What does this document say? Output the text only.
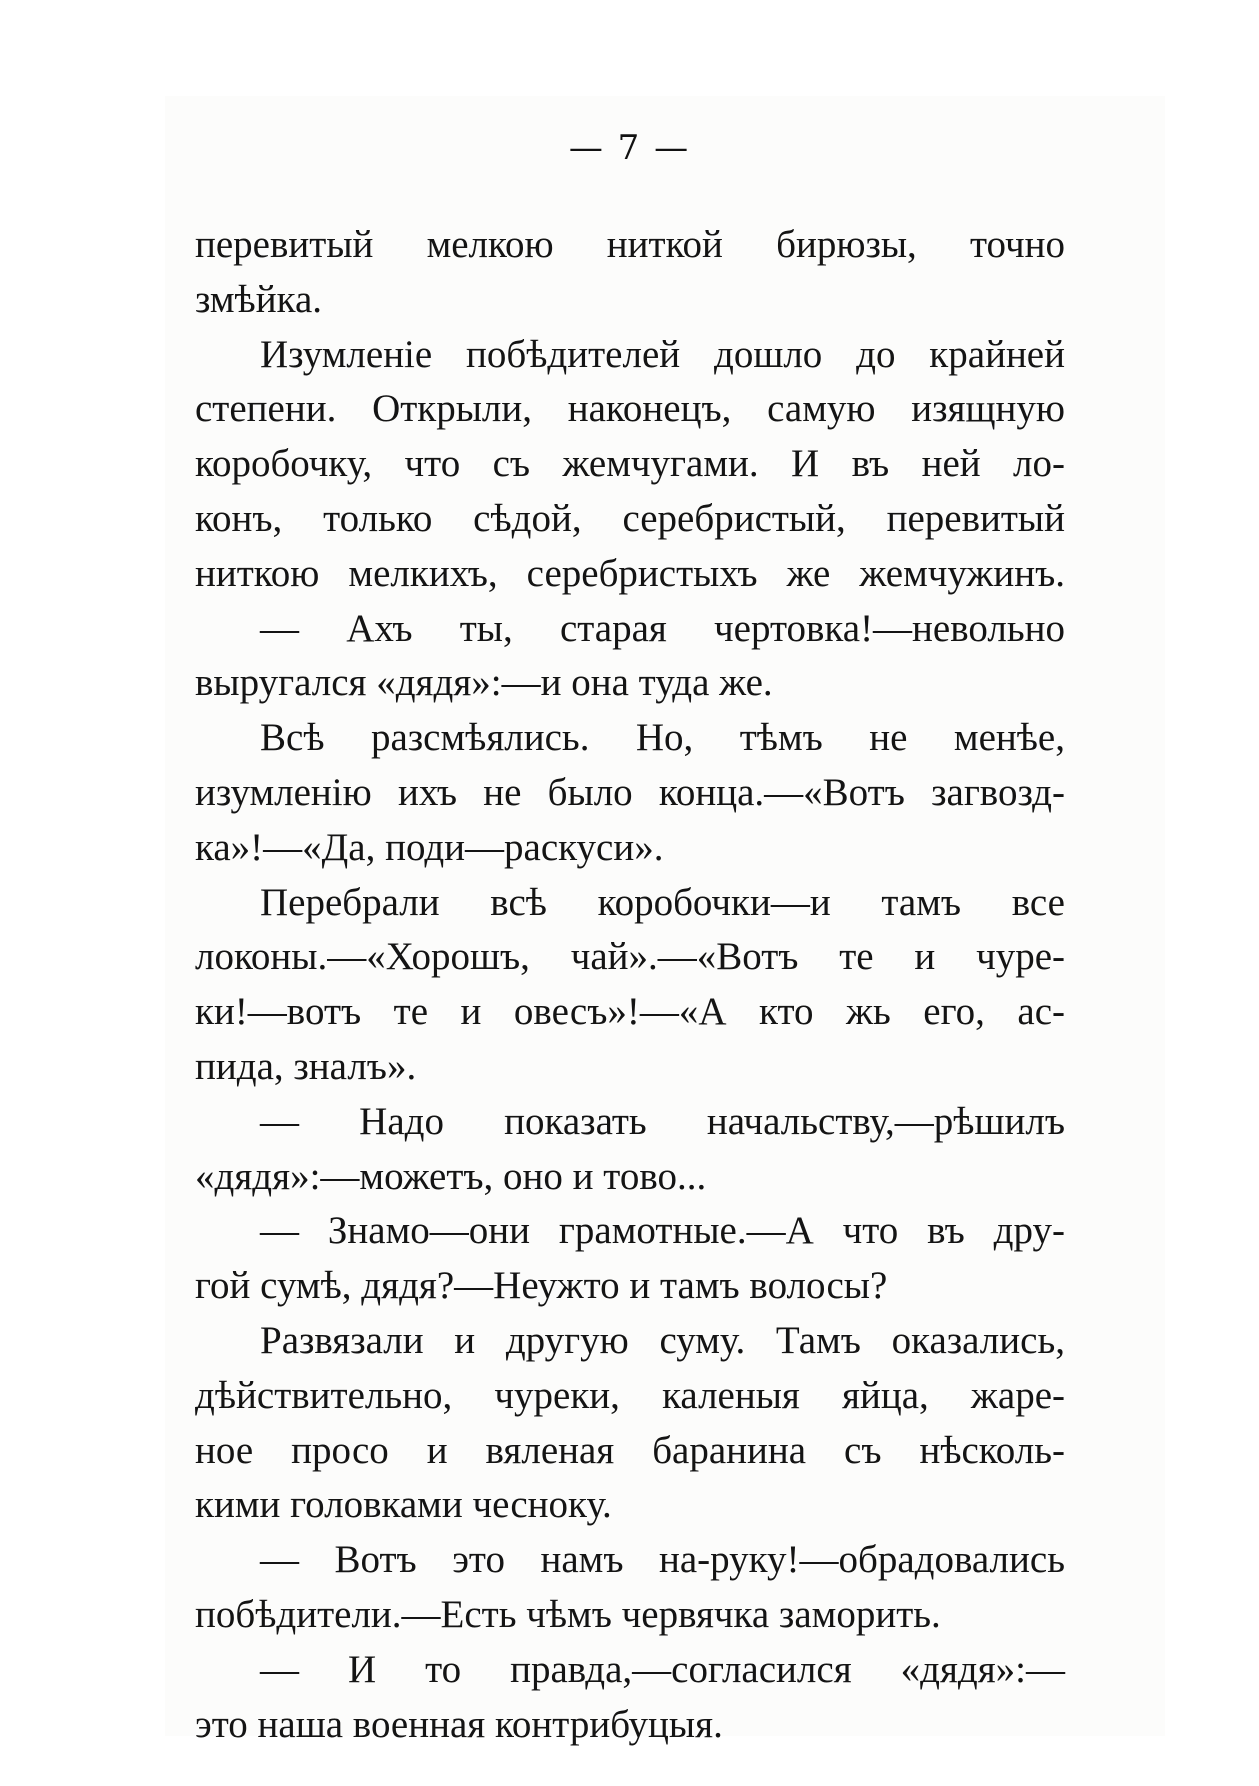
— 7 —
перевитый мелкою ниткой бирюзы, точно
змѣйка.
Изумленіе побѣдителей дошло до крайней
степени. Открыли, наконецъ, самую изящную
коробочку, что съ жемчугами. И въ ней ло-
конъ, только сѣдой, серебристый, перевитый
ниткою мелкихъ, серебристыхъ же жемчужинъ.
— Ахъ ты, старая чертовка!—невольно
выругался «дядя»:—и она туда же.
Всѣ разсмѣялись. Но, тѣмъ не менѣе,
изумленію ихъ не было конца.—«Вотъ загвозд-
ка»!—«Да, поди—раскуси».
Перебрали всѣ коробочки—и тамъ все
локоны.—«Хорошъ, чай».—«Вотъ те и чуре-
ки!—вотъ те и овесъ»!—«А кто жь его, ас-
пида, зналъ».
— Надо показать начальству,—рѣшилъ
«дядя»:—можетъ, оно и тово...
— Знамо—они грамотные.—А что въ дру-
гой сумѣ, дядя?—Неужто и тамъ волосы?
Развязали и другую суму. Тамъ оказались,
дѣйствительно, чуреки, каленыя яйца, жаре-
ное просо и вяленая баранина съ нѣсколь-
кими головками чесноку.
— Вотъ это намъ на-руку!—обрадовались
побѣдители.—Есть чѣмъ червячка заморить.
— И то правда,—согласился «дядя»:—
это наша военная контрибуцыя.
